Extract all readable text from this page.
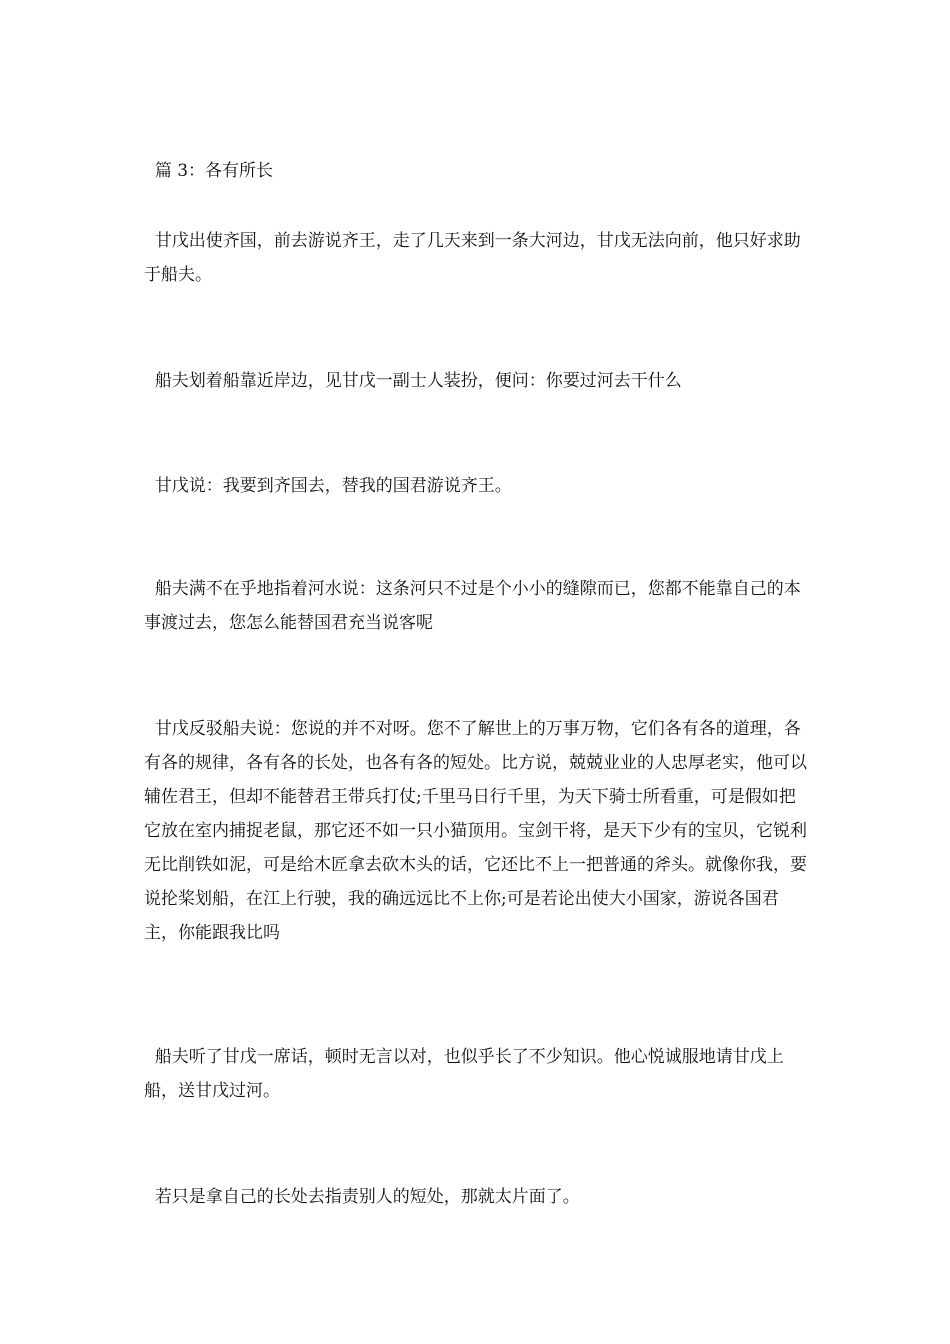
篇 3：各有所长

甘戊出使齐国，前去游说齐王，走了几天来到一条大河边，甘戊无法向前，他只好求助于船夫。

船夫划着船靠近岸边，见甘戊一副士人装扮，便问：你要过河去干什么

甘戊说：我要到齐国去，替我的国君游说齐王。

船夫满不在乎地指着河水说：这条河只不过是个小小的缝隙而已，您都不能靠自己的本事渡过去，您怎么能替国君充当说客呢

甘戊反驳船夫说：您说的并不对呀。您不了解世上的万事万物，它们各有各的道理，各有各的规律，各有各的长处，也各有各的短处。比方说，兢兢业业的人忠厚老实，他可以辅佐君王，但却不能替君王带兵打仗;千里马日行千里，为天下骑士所看重，可是假如把它放在室内捕捉老鼠，那它还不如一只小猫顶用。宝剑干将，是天下少有的宝贝，它锐利无比削铁如泥，可是给木匠拿去砍木头的话，它还比不上一把普通的斧头。就像你我，要说抡桨划船，在江上行驶，我的确远远比不上你;可是若论出使大小国家，游说各国君主，你能跟我比吗

船夫听了甘戊一席话，顿时无言以对，也似乎长了不少知识。他心悦诚服地请甘戊上船，送甘戊过河。

若只是拿自己的长处去指责别人的短处，那就太片面了。
